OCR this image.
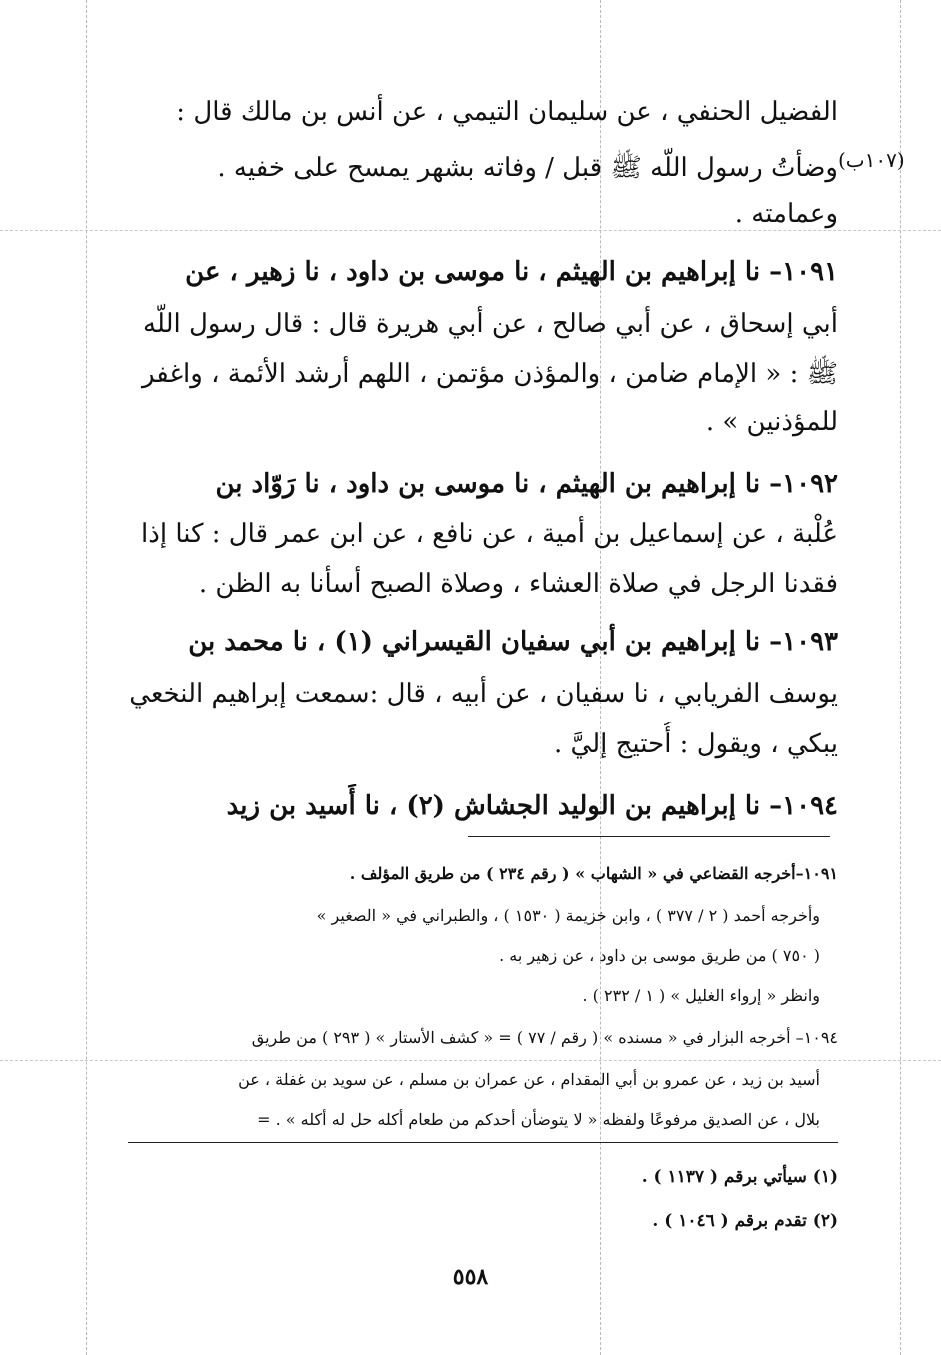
(١٠٧ب)
الفضيل الحنفي ، عن سليمان التيمي ، عن أنس بن مالك قال :
وضأتُ رسول اللّه ﷺ قبل / وفاته بشهر يمسح على خفيه .
وعمامته .
١٠٩١– نا إبراهيم بن الهيثم ، نا موسى بن داود ، نا زهير ، عن
أبي إسحاق ، عن أبي صالح ، عن أبي هريرة قال : قال رسول اللّه
ﷺ : « الإمام ضامن ، والمؤذن مؤتمن ، اللهم أرشد الأئمة ، واغفر
للمؤذنين » .
١٠٩٢– نا إبراهيم بن الهيثم ، نا موسى بن داود ، نا رَوّاد بن
عُلْبة ، عن إسماعيل بن أمية ، عن نافع ، عن ابن عمر قال : كنا إذا
فقدنا الرجل في صلاة العشاء ، وصلاة الصبح أسأنا به الظن .
١٠٩٣– نا إبراهيم بن أبي سفيان القيسراني (١) ، نا محمد بن
يوسف الفريابي ، نا سفيان ، عن أبيه ، قال :سمعت إبراهيم النخعي
يبكي ، ويقول : أُحتيج إليَّ .
١٠٩٤– نا إبراهيم بن الوليد الجشاش (٢) ، نا أَسيد بن زيد
١٠٩١–أخرجه القضاعي في « الشهاب » ( رقم ٢٣٤ ) من طريق المؤلف .
وأخرجه أحمد ( ٢ / ٣٧٧ ) ، وابن خزيمة ( ١٥٣٠ ) ، والطبراني في « الصغير »
( ٧٥٠ ) من طريق موسى بن داود ، عن زهير به .
وانظر « إرواء الغليل » ( ١ / ٢٣٢ ) .
١٠٩٤– أخرجه البزار في « مسنده » ( رقم / ٧٧ ) = « كشف الأستار » ( ٢٩٣ ) من طريق
أسيد بن زيد ، عن عمرو بن أبي المقدام ، عن عمران بن مسلم ، عن سويد بن غفلة ، عن
بلال ، عن الصديق مرفوعًا ولفظه « لا يتوضأن أحدكم من طعام أكله حل له أكله » . =
(١) سيأتي برقم ( ١١٣٧ ) .
(٢) تقدم برقم ( ١٠٤٦ ) .
٥٥٨
